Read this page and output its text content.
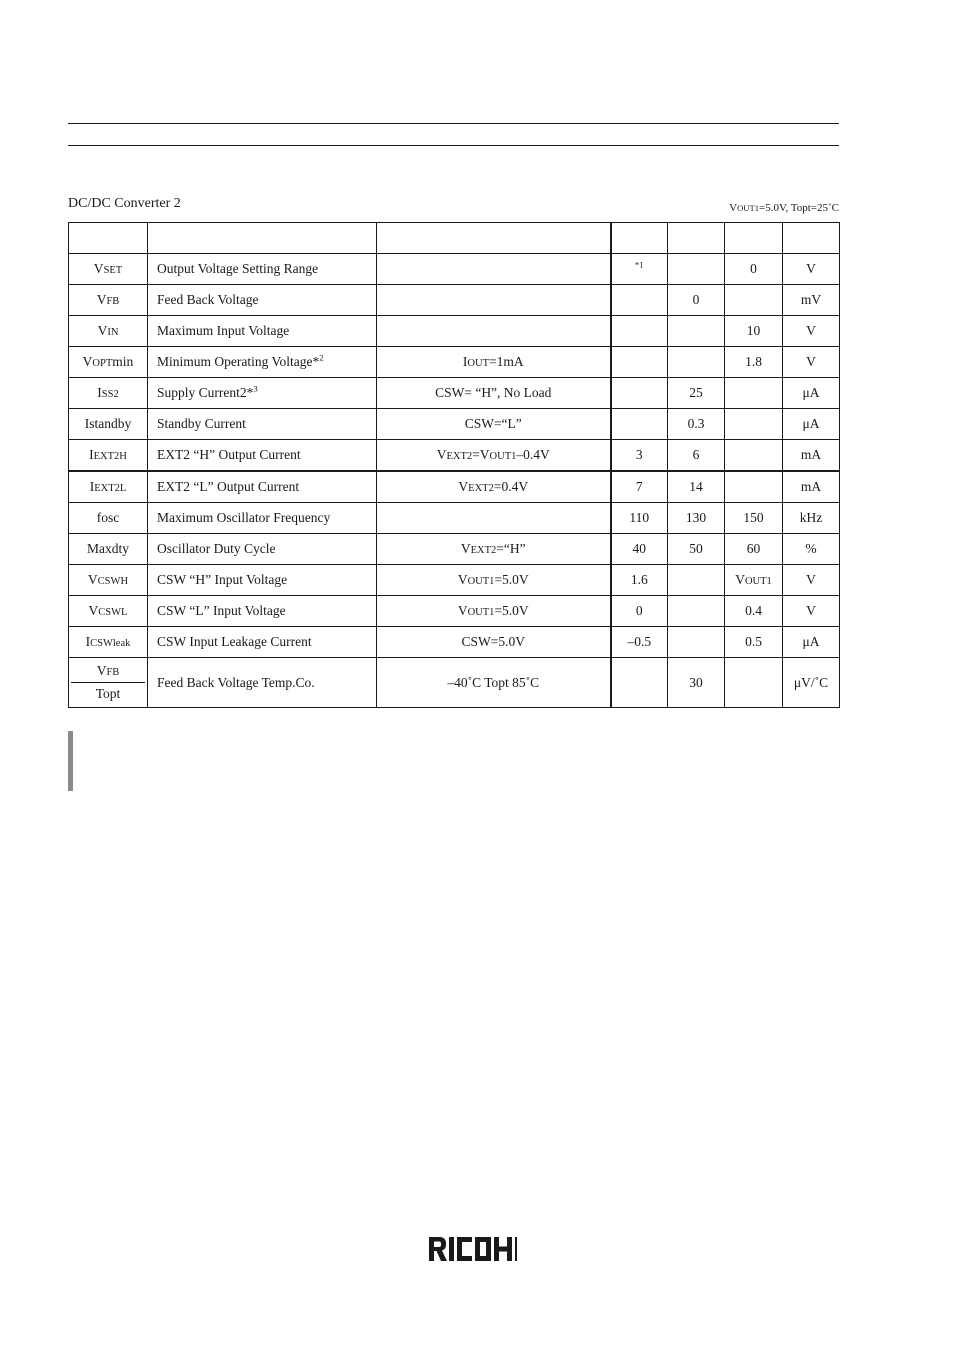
DC/DC Converter 2	VOUT1=5.0V, Topt=25˚C

VSET	Output Voltage Setting Range		$^{*1}$		0	V
VFB	Feed Back Voltage			0		mV
VIN	Maximum Input Voltage				10	V
VOPTmin	Minimum Operating Voltage*$^2$	IOUT=1mA			1.8	V
ISS2	Supply Current2*$^3$	CSW= “H”, No Load		25		μA
Istandby	Standby Current	CSW=“L”		0.3		μA
IEXT2H	EXT2 “H” Output Current	VEXT2=VOUT1–0.4V	3	6		mA
IEXT2L	EXT2 “L” Output Current	VEXT2=0.4V	7	14		mA
fosc	Maximum Oscillator Frequency		110	130	150	kHz
Maxdty	Oscillator Duty Cycle	VEXT2=“H”	40	50	60	%
VCSWH	CSW “H” Input Voltage	VOUT1=5.0V	1.6		VOUT1	V
VCSWL	CSW “L” Input Voltage	VOUT1=5.0V	0		0.4	V
ICSWleak	CSW Input Leakage Current	CSW=5.0V	–0.5		0.5	μA

$\frac{\text{VFB}}{\text{Topt}}$	Feed Back Voltage Temp.Co.	–40˚C Topt 85˚C		30		μV/˚C
